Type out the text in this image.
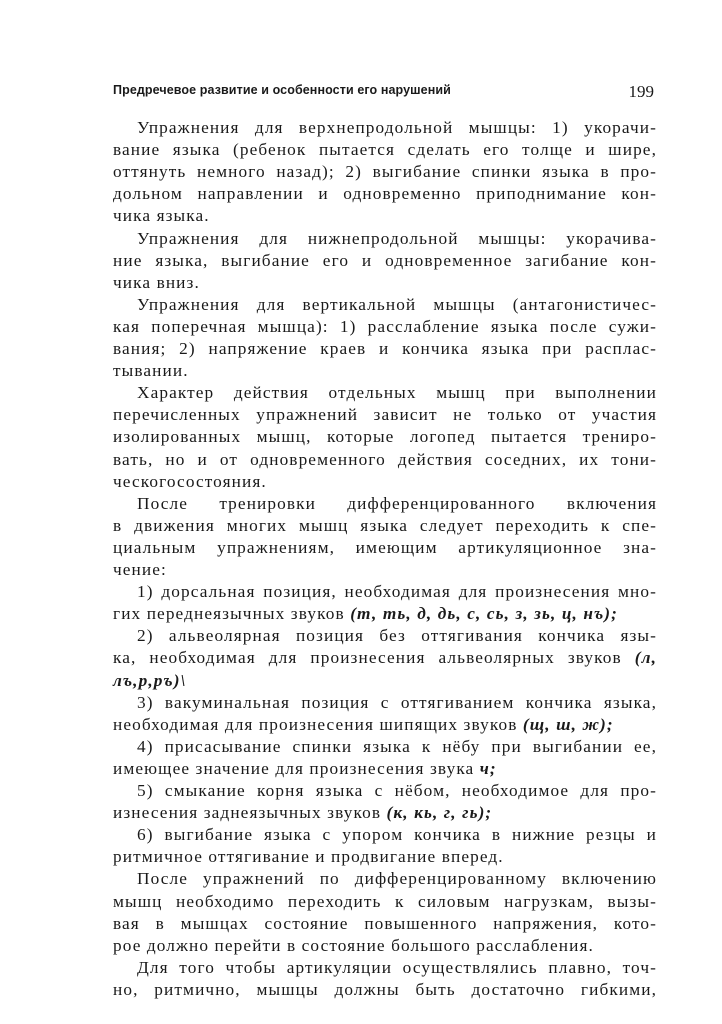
Предречевое развитие и особенности его нарушений	199
Упражнения для верхнепродольной мышцы: 1) укорачи-
вание языка (ребенок пытается сделать его толще и шире,
оттянуть немного назад); 2) выгибание спинки языка в про-
дольном направлении и одновременно приподнимание кон-
чика языка.
Упражнения для нижнепродольной мышцы: укорачива-
ние языка, выгибание его и одновременное загибание кон-
чика вниз.
Упражнения для вертикальной мышцы (антагонистичес-
кая поперечная мышца): 1) расслабление языка после сужи-
вания; 2) напряжение краев и кончика языка при расплас-
тывании.
Характер действия отдельных мышц при выполнении
перечисленных упражнений зависит не только от участия
изолированных мышц, которые логопед пытается трениро-
вать, но и от одновременного действия соседних, их тони-
ческогосостояния.
После тренировки дифференцированного включения
в движения многих мышц языка следует переходить к спе-
циальным упражнениям, имеющим артикуляционное зна-
чение:
1) дорсальная позиция, необходимая для произнесения мно-
гих переднеязычных звуков (т, ть, д, дь, с, сь, з, зь, ц, нъ);
2) альвеолярная позиция без оттягивания кончика язы-
ка, необходимая для произнесения альвеолярных звуков (л,
лъ,р,ръ)\
3) вакуминальная позиция с оттягиванием кончика языка,
необходимая для произнесения шипящих звуков (щ, ш, ж);
4) присасывание спинки языка к нёбу при выгибании ее,
имеющее значение для произнесения звука ч;
5) смыкание корня языка с нёбом, необходимое для про-
изнесения заднеязычных звуков (к, кь, г, гь);
6) выгибание языка с упором кончика в нижние резцы и
ритмичное оттягивание и продвигание вперед.
После упражнений по дифференцированному включению
мышц необходимо переходить к силовым нагрузкам, вызы-
вая в мышцах состояние повышенного напряжения, кото-
рое должно перейти в состояние большого расслабления.
Для того чтобы артикуляции осуществлялись плавно, точ-
но, ритмично, мышцы должны быть достаточно гибкими,
